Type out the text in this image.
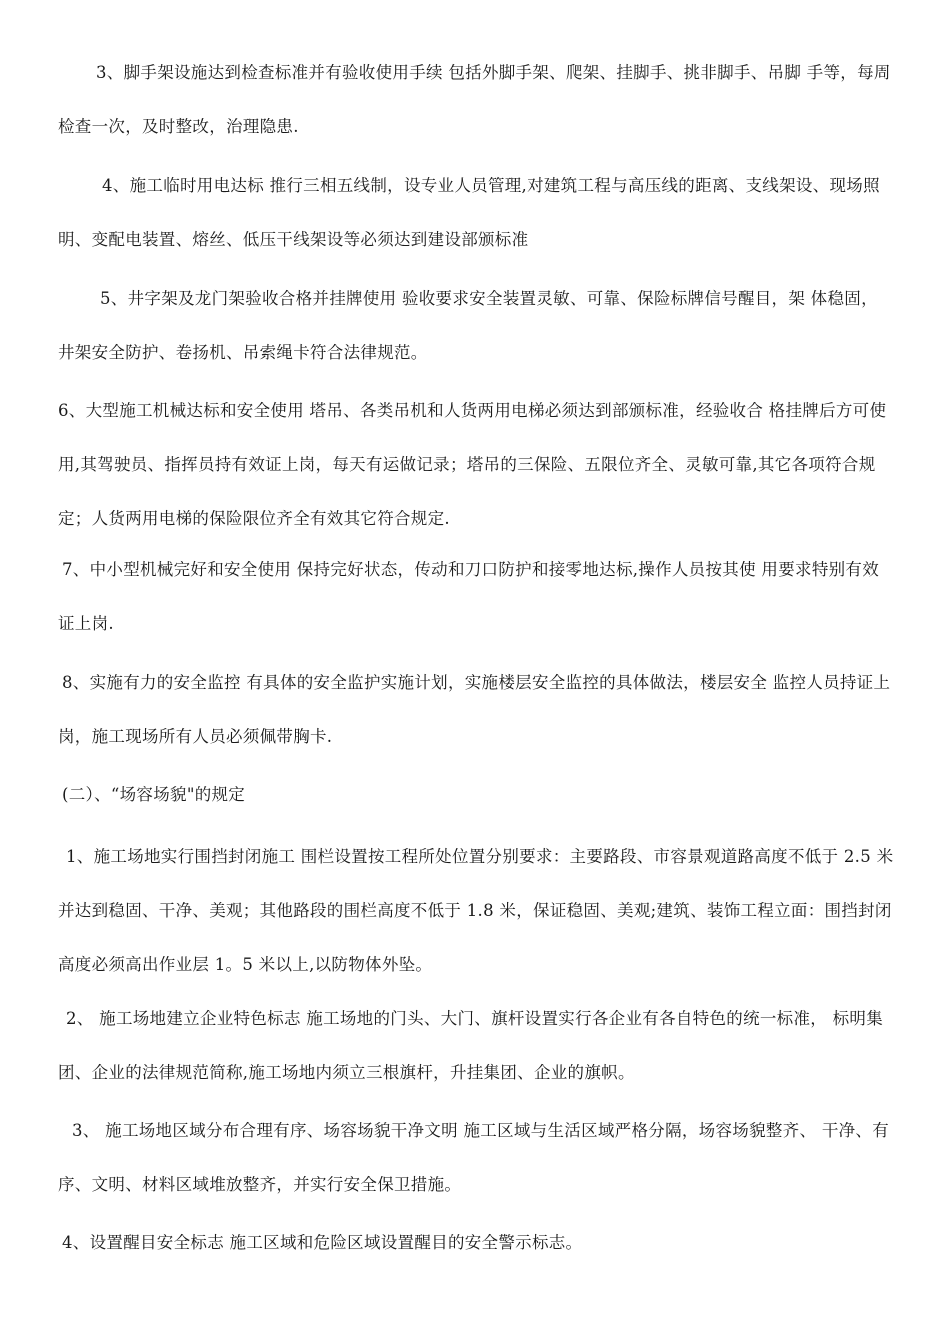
3、脚手架设施达到检查标准并有验收使用手续 包括外脚手架、爬架、挂脚手、挑非脚手、吊脚 手等，每周检查一次，及时整改，治理隐患.

4、施工临时用电达标 推行三相五线制，设专业人员管理,对建筑工程与高压线的距离、支线架设、现场照明、变配电装置、熔丝、低压干线架设等必须达到建设部颁标准

5、井字架及龙门架验收合格并挂牌使用 验收要求安全装置灵敏、可靠、保险标牌信号醒目，架 体稳固，井架安全防护、卷扬机、吊索绳卡符合法律规范。

6、大型施工机械达标和安全使用 塔吊、各类吊机和人货两用电梯必须达到部颁标准，经验收合 格挂牌后方可使用,其驾驶员、指挥员持有效证上岗，每天有运做记录；塔吊的三保险、五限位齐全、灵敏可靠,其它各项符合规定；人货两用电梯的保险限位齐全有效其它符合规定.

7、中小型机械完好和安全使用 保持完好状态，传动和刀口防护和接零地达标,操作人员按其使 用要求特别有效证上岗.

8、实施有力的安全监控 有具体的安全监护实施计划，实施楼层安全监控的具体做法，楼层安全 监控人员持证上岗，施工现场所有人员必须佩带胸卡.

(二）、“场容场貌"的规定

1、施工场地实行围挡封闭施工 围栏设置按工程所处位置分别要求：主要路段、市容景观道路高度不低于 2.5 米并达到稳固、干净、美观；其他路段的围栏高度不低于 1.8 米，保证稳固、美观;建筑、装饰工程立面：围挡封闭高度必须高出作业层 1。5 米以上,以防物体外坠。

2、 施工场地建立企业特色标志 施工场地的门头、大门、旗杆设置实行各企业有各自特色的统一标准， 标明集团、企业的法律规范简称,施工场地内须立三根旗杆，升挂集团、企业的旗帜。

3、 施工场地区域分布合理有序、场容场貌干净文明 施工区域与生活区域严格分隔，场容场貌整齐、 干净、有序、文明、材料区域堆放整齐，并实行安全保卫措施。

4、设置醒目安全标志 施工区域和危险区域设置醒目的安全警示标志。
